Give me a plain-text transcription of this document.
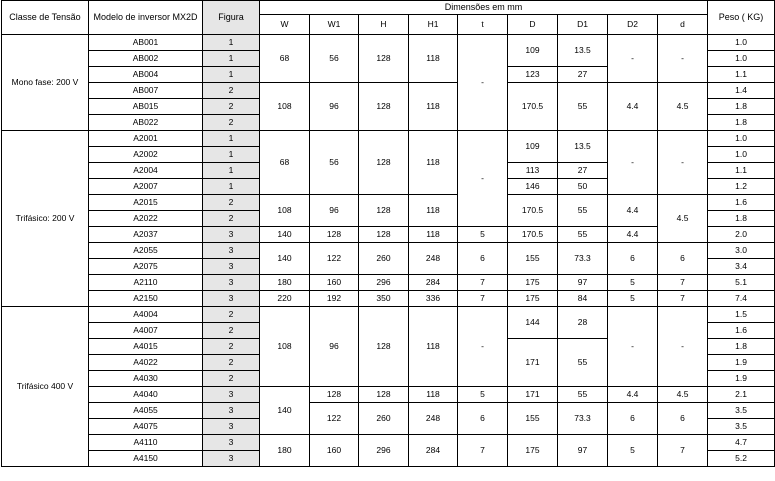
Classe de Tensão	Modelo de inversor MX2D	Figura	Dimensões em mm									Peso ( KG)
			W	W1	H	H1	t	D	D1	D2	d	
Mono fase: 200 V	AB001	1	68	56	128	118	-	109	13.5	-	-	1.0
	AB002	1										1.0
	AB004	1						123	27			1.1
	AB007	2	108	96	128	118		170.5	55	4.4	4.5	1.4
	AB015	2										1.8
	AB022	2										1.8
Trifásico: 200 V	A2001	1	68	56	128	118	-	109	13.5	-	-	1.0
	A2002	1										1.0
	A2004	1						113	27			1.1
	A2007	1						146	50			1.2
	A2015	2	108	96	128	118		170.5	55	4.4	4.5	1.6
	A2022	2										1.8
	A2037	3	140	128	128	118	5	170.5	55	4.4		2.0
	A2055	3	140	122	260	248	6	155	73.3	6	6	3.0
	A2075	3										3.4
	A2110	3	180	160	296	284	7	175	97	5	7	5.1
	A2150	3	220	192	350	336	7	175	84	5	7	7.4
Trifásico 400 V	A4004	2	108	96	128	118	-	144	28	-	-	1.5
	A4007	2										1.6
	A4015	2						171	55			1.8
	A4022	2										1.9
	A4030	2										1.9
	A4040	3	140	128	128	118	5	171	55	4.4	4.5	2.1
	A4055	3		122	260	248	6	155	73.3	6	6	3.5
	A4075	3										3.5
	A4110	3	180	160	296	284	7	175	97	5	7	4.7
	A4150	3										5.2
